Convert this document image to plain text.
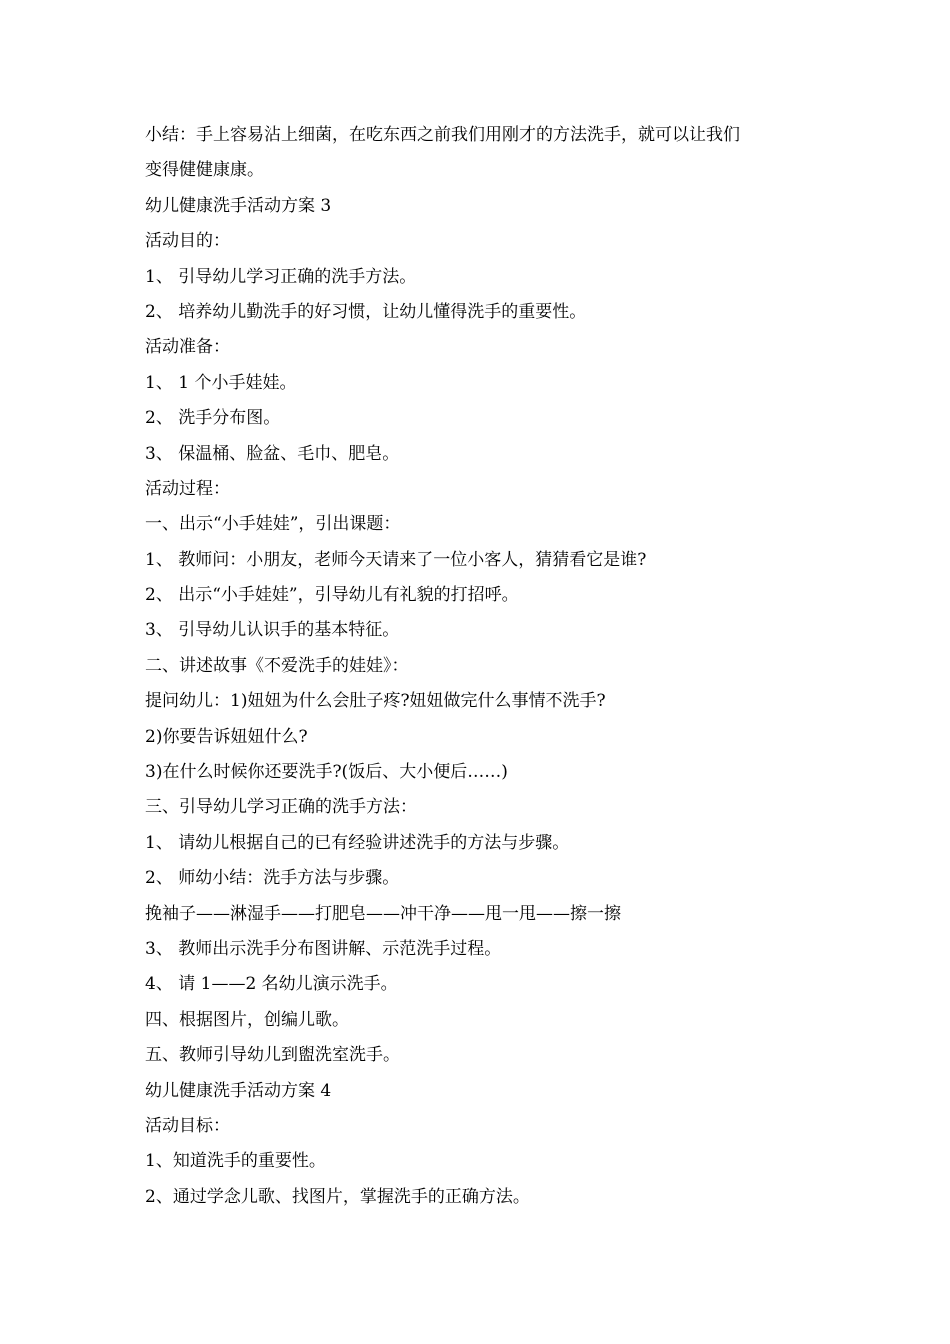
小结：手上容易沾上细菌，在吃东西之前我们用刚才的方法洗手，就可以让我们
变得健健康康。
幼儿健康洗手活动方案 3
活动目的：
1、 引导幼儿学习正确的洗手方法。
2、 培养幼儿勤洗手的好习惯，让幼儿懂得洗手的重要性。
活动准备：
1、 1 个小手娃娃。
2、 洗手分布图。
3、 保温桶、脸盆、毛巾、肥皂。
活动过程：
一、出示“小手娃娃”，引出课题：
1、 教师问：小朋友，老师今天请来了一位小客人，猜猜看它是谁?
2、 出示“小手娃娃”，引导幼儿有礼貌的打招呼。
3、 引导幼儿认识手的基本特征。
二、讲述故事《不爱洗手的娃娃》：
提问幼儿：1)妞妞为什么会肚子疼?妞妞做完什么事情不洗手?
2)你要告诉妞妞什么?
3)在什么时候你还要洗手?(饭后、大小便后……)
三、引导幼儿学习正确的洗手方法：
1、 请幼儿根据自己的已有经验讲述洗手的方法与步骤。
2、 师幼小结：洗手方法与步骤。
挽袖子——淋湿手——打肥皂——冲干净——甩一甩——擦一擦
3、 教师出示洗手分布图讲解、示范洗手过程。
4、 请 1——2 名幼儿演示洗手。
四、根据图片，创编儿歌。
五、教师引导幼儿到盥洗室洗手。
幼儿健康洗手活动方案 4
活动目标：
1、知道洗手的重要性。
2、通过学念儿歌、找图片，掌握洗手的正确方法。
